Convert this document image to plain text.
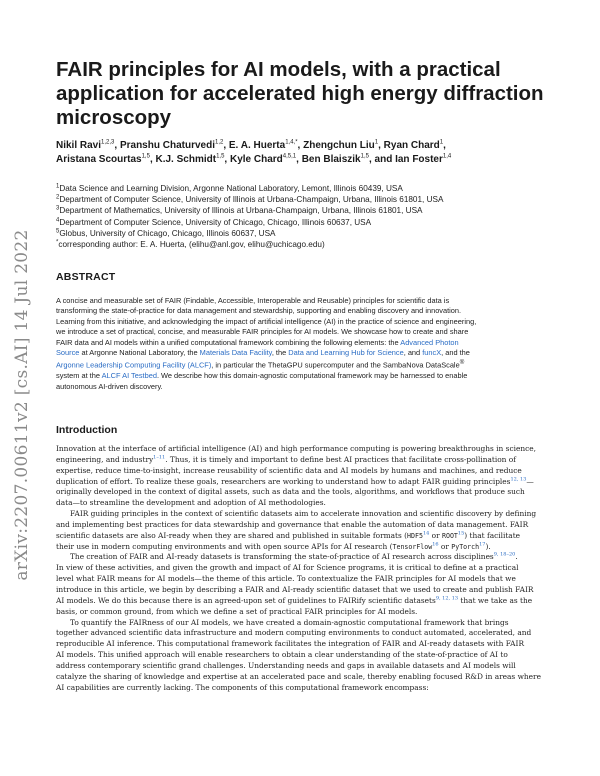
arXiv:2207.00611v2 [cs.AI] 14 Jul 2022
FAIR principles for AI models, with a practical
application for accelerated high energy diffraction
microscopy
Nikil Ravi$^{1,2,3}$, Pranshu Chaturvedi$^{1,2}$, E. A. Huerta$^{1,4,*}$, Zhengchun Liu$^1$, Ryan Chard$^1$,
Aristana Scourtas$^{1,5}$, K.J. Schmidt$^{1,5}$, Kyle Chard$^{4,5,1}$, Ben Blaiszik$^{1,5}$, and Ian Foster$^{1,4}$
$^1$Data Science and Learning Division, Argonne National Laboratory, Lemont, Illinois 60439, USA
$^2$Department of Computer Science, University of Illinois at Urbana-Champaign, Urbana, Illinois 61801, USA
$^3$Department of Mathematics, University of Illinois at Urbana-Champaign, Urbana, Illinois 61801, USA
$^4$Department of Computer Science, University of Chicago, Chicago, Illinois 60637, USA
$^5$Globus, University of Chicago, Chicago, Illinois 60637, USA
*corresponding author: E. A. Huerta, (elihu@anl.gov, elihu@uchicago.edu)
ABSTRACT
A concise and measurable set of FAIR (Findable, Accessible, Interoperable and Reusable) principles for scientific data is
transforming the state-of-practice for data management and stewardship, supporting and enabling discovery and innovation.
Learning from this initiative, and acknowledging the impact of artificial intelligence (AI) in the practice of science and engineering,
we introduce a set of practical, concise, and measurable FAIR principles for AI models. We showcase how to create and share
FAIR data and AI models within a unified computational framework combining the following elements: the Advanced Photon
Source at Argonne National Laboratory, the Materials Data Facility, the Data and Learning Hub for Science, and funcX, and the
Argonne Leadership Computing Facility (ALCF), in particular the ThetaGPU supercomputer and the SambaNova DataScale®
system at the ALCF AI Testbed. We describe how this domain-agnostic computational framework may be harnessed to enable
autonomous AI-driven discovery.
Introduction
Innovation at the interface of artificial intelligence (AI) and high performance computing is powering breakthroughs in science,
engineering, and industry$^{1-11}$. Thus, it is timely and important to define best AI practices that facilitate cross-pollination of
expertise, reduce time-to-insight, increase reusability of scientific data and AI models by humans and machines, and reduce
duplication of effort. To realize these goals, researchers are working to understand how to adapt FAIR guiding principles$^{12, 13}$—
originally developed in the context of digital assets, such as data and the tools, algorithms, and workflows that produce such
data—to streamline the development and adoption of AI methodologies.
FAIR guiding principles in the context of scientific datasets aim to accelerate innovation and scientific discovery by defining
and implementing best practices for data stewardship and governance that enable the automation of data management. FAIR
scientific datasets are also AI-ready when they are shared and published in suitable formats ($HDF5^{14}$ or ROOT$^{15}$) that facilitate
their use in modern computing environments and with open source APIs for AI research (TensorFlow$^{16}$ or PyTorch$^{17}$).
The creation of FAIR and AI-ready datasets is transforming the state-of-practice of AI research across disciplines$^{9, 18-20}$.
In view of these activities, and given the growth and impact of AI for Science programs, it is critical to define at a practical
level what FAIR means for AI models—the theme of this article. To contextualize the FAIR principles for AI models that we
introduce in this article, we begin by describing a FAIR and AI-ready scientific dataset that we used to create and publish FAIR
AI models. We do this because there is an agreed-upon set of guidelines to FAIRify scientific datasets$^{9, 12, 13}$ that we take as the
basis, or common ground, from which we define a set of practical FAIR principles for AI models.
To quantify the FAIRness of our AI models, we have created a domain-agnostic computational framework that brings
together advanced scientific data infrastructure and modern computing environments to conduct automated, accelerated, and
reproducible AI inference. This computational framework facilitates the integration of FAIR and AI-ready datasets with FAIR
AI models. This unified approach will enable researchers to obtain a clear understanding of the state-of-practice of AI to
address contemporary scientific grand challenges. Understanding needs and gaps in available datasets and AI models will
catalyze the sharing of knowledge and expertise at an accelerated pace and scale, thereby enabling focused R&D in areas where
AI capabilities are currently lacking. The components of this computational framework encompass:
